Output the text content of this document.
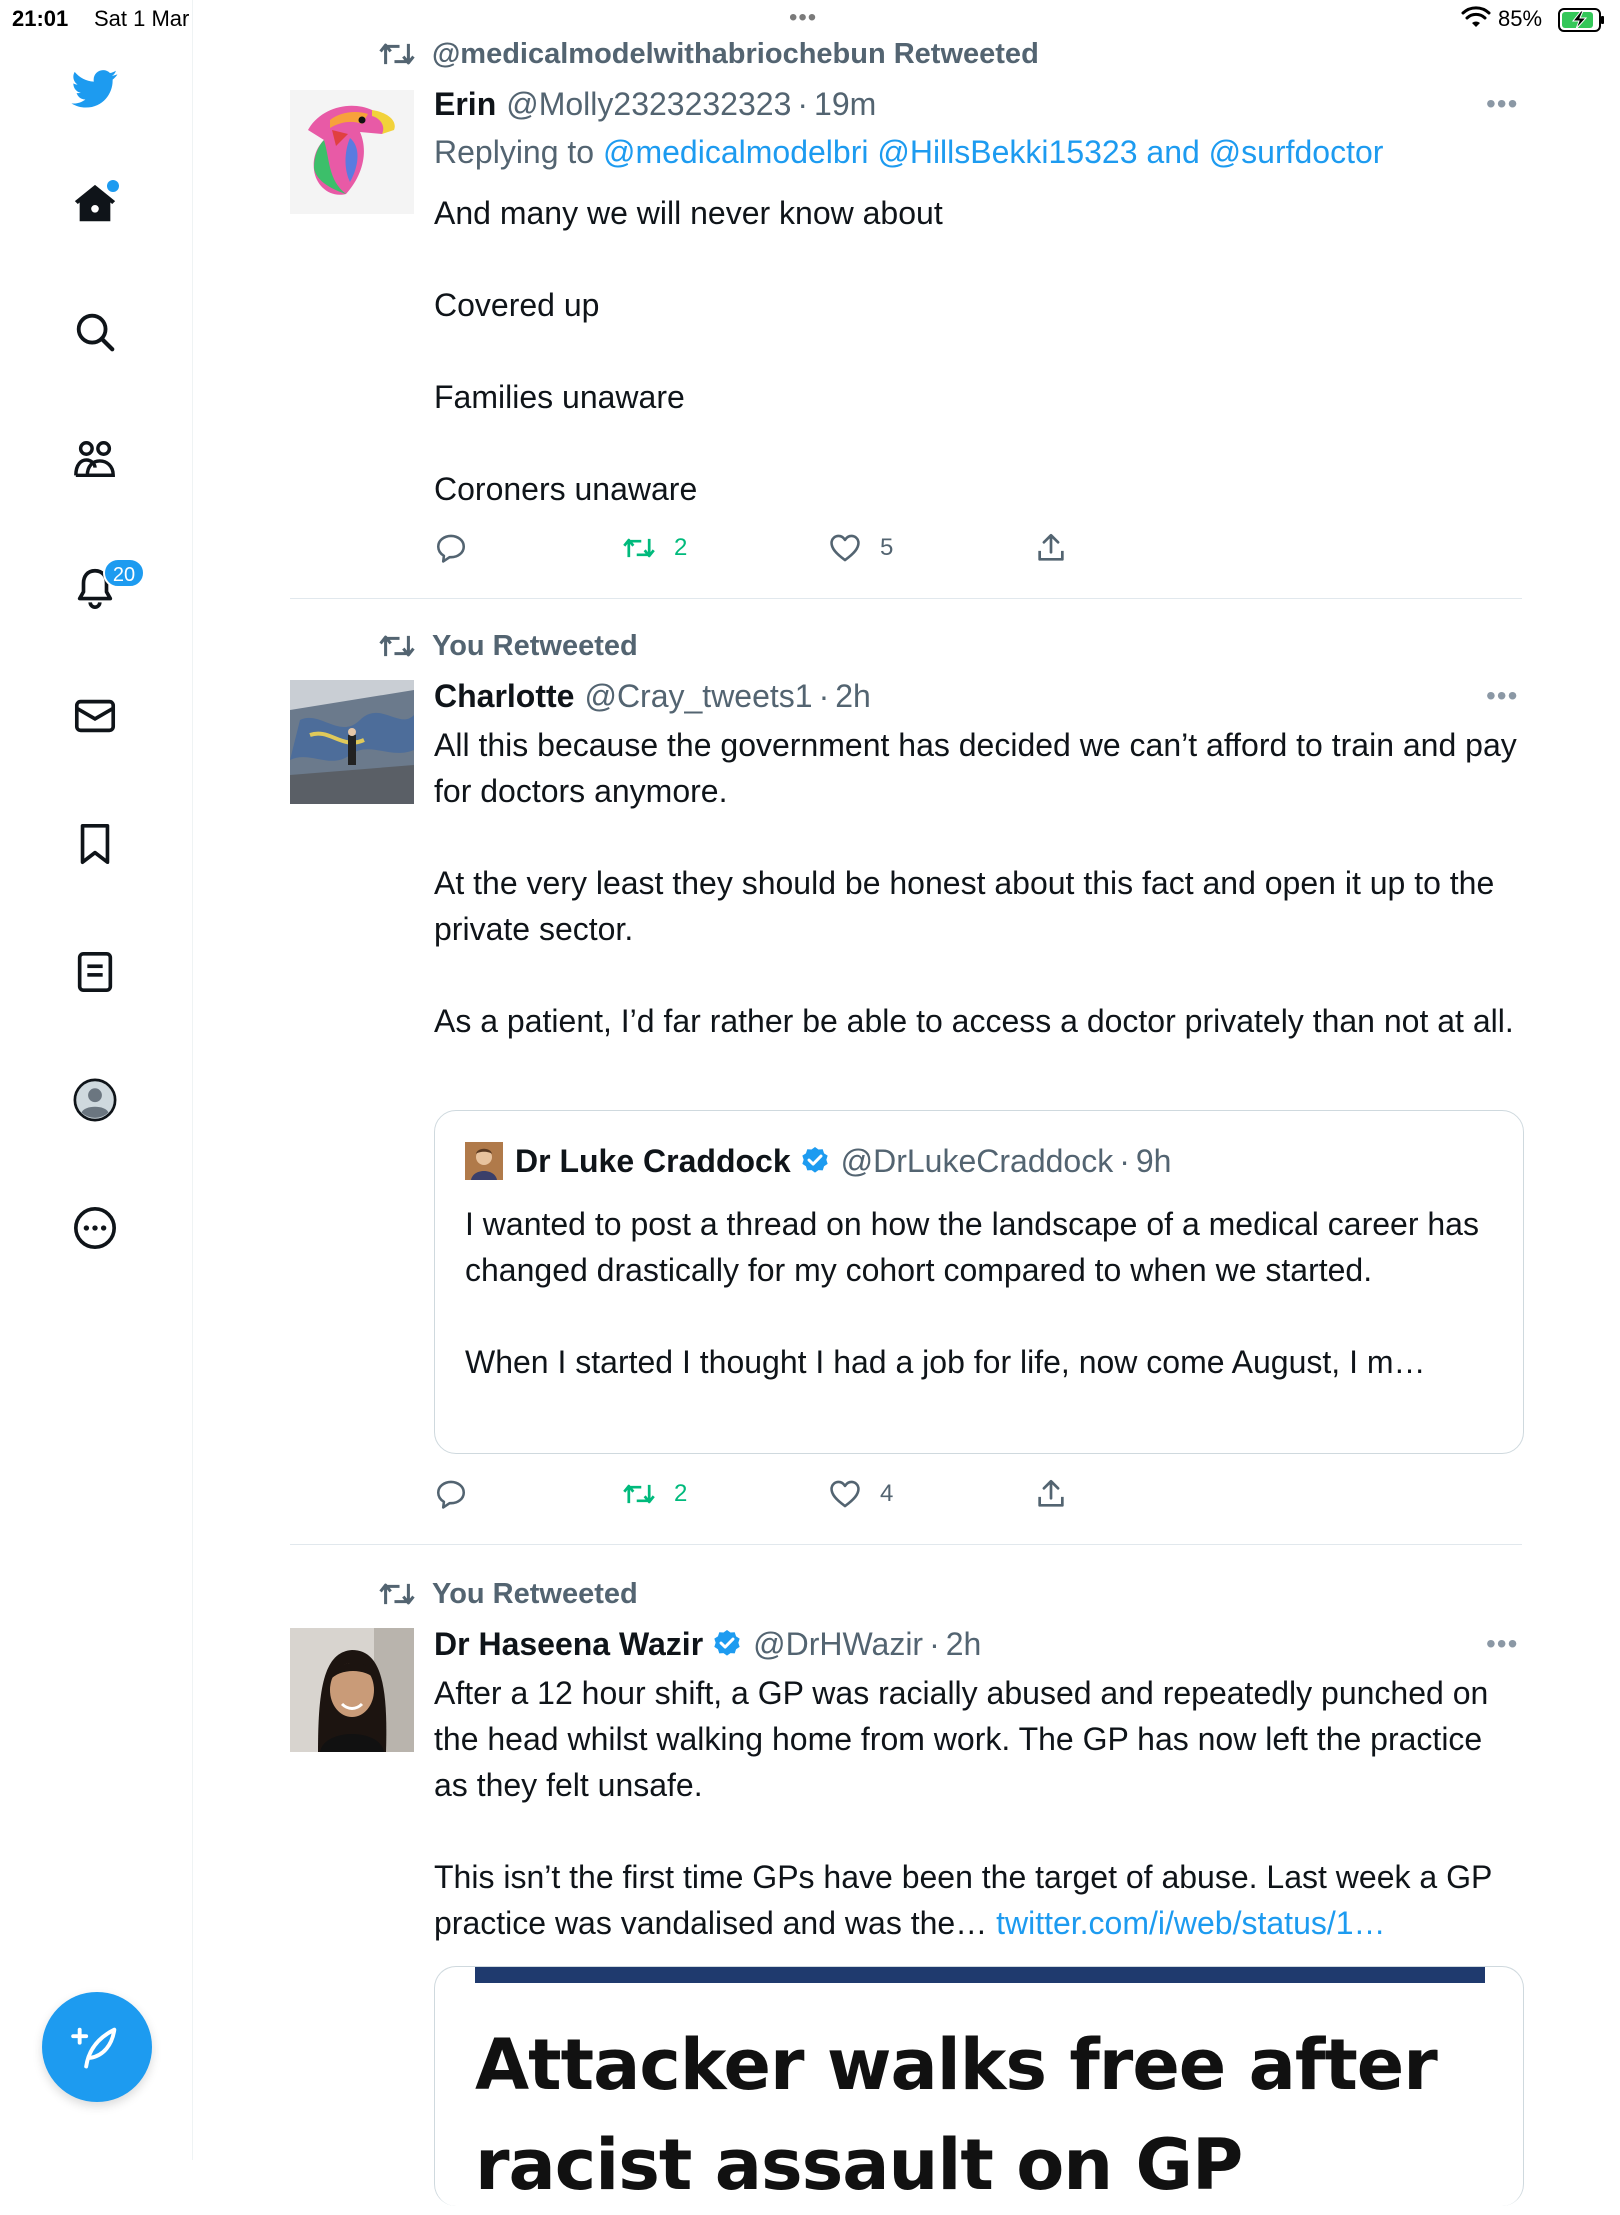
21:01 Sat 1 Mar	•••	85%
20
@medicalmodelwithabriochebun Retweeted
Erin @Molly2323232323 · 19m	•••
Replying to @medicalmodelbri @HillsBekki15323 and @surfdoctor

And many we will never know about

Covered up

Families unaware

Coroners unaware

2	5
You Retweeted
Charlotte @Cray_tweets1 · 2h	•••

All this because the government has decided we can’t afford to train and pay for doctors anymore.

At the very least they should be honest about this fact and open it up to the private sector.

As a patient, I’d far rather be able to access a doctor privately than not at all.

Dr Luke Craddock @DrLukeCraddock · 9h

I wanted to post a thread on how the landscape of a medical career has changed drastically for my cohort compared to when we started.

When I started I thought I had a job for life, now come August, I m…

2	4
You Retweeted
Dr Haseena Wazir @DrHWazir · 2h	•••

After a 12 hour shift, a GP was racially abused and repeatedly punched on the head whilst walking home from work. The GP has now left the practice as they felt unsafe.

This isn’t the first time GPs have been the target of abuse. Last week a GP practice was vandalised and was the… twitter.com/i/web/status/1…

Attacker walks free after racist assault on GP
